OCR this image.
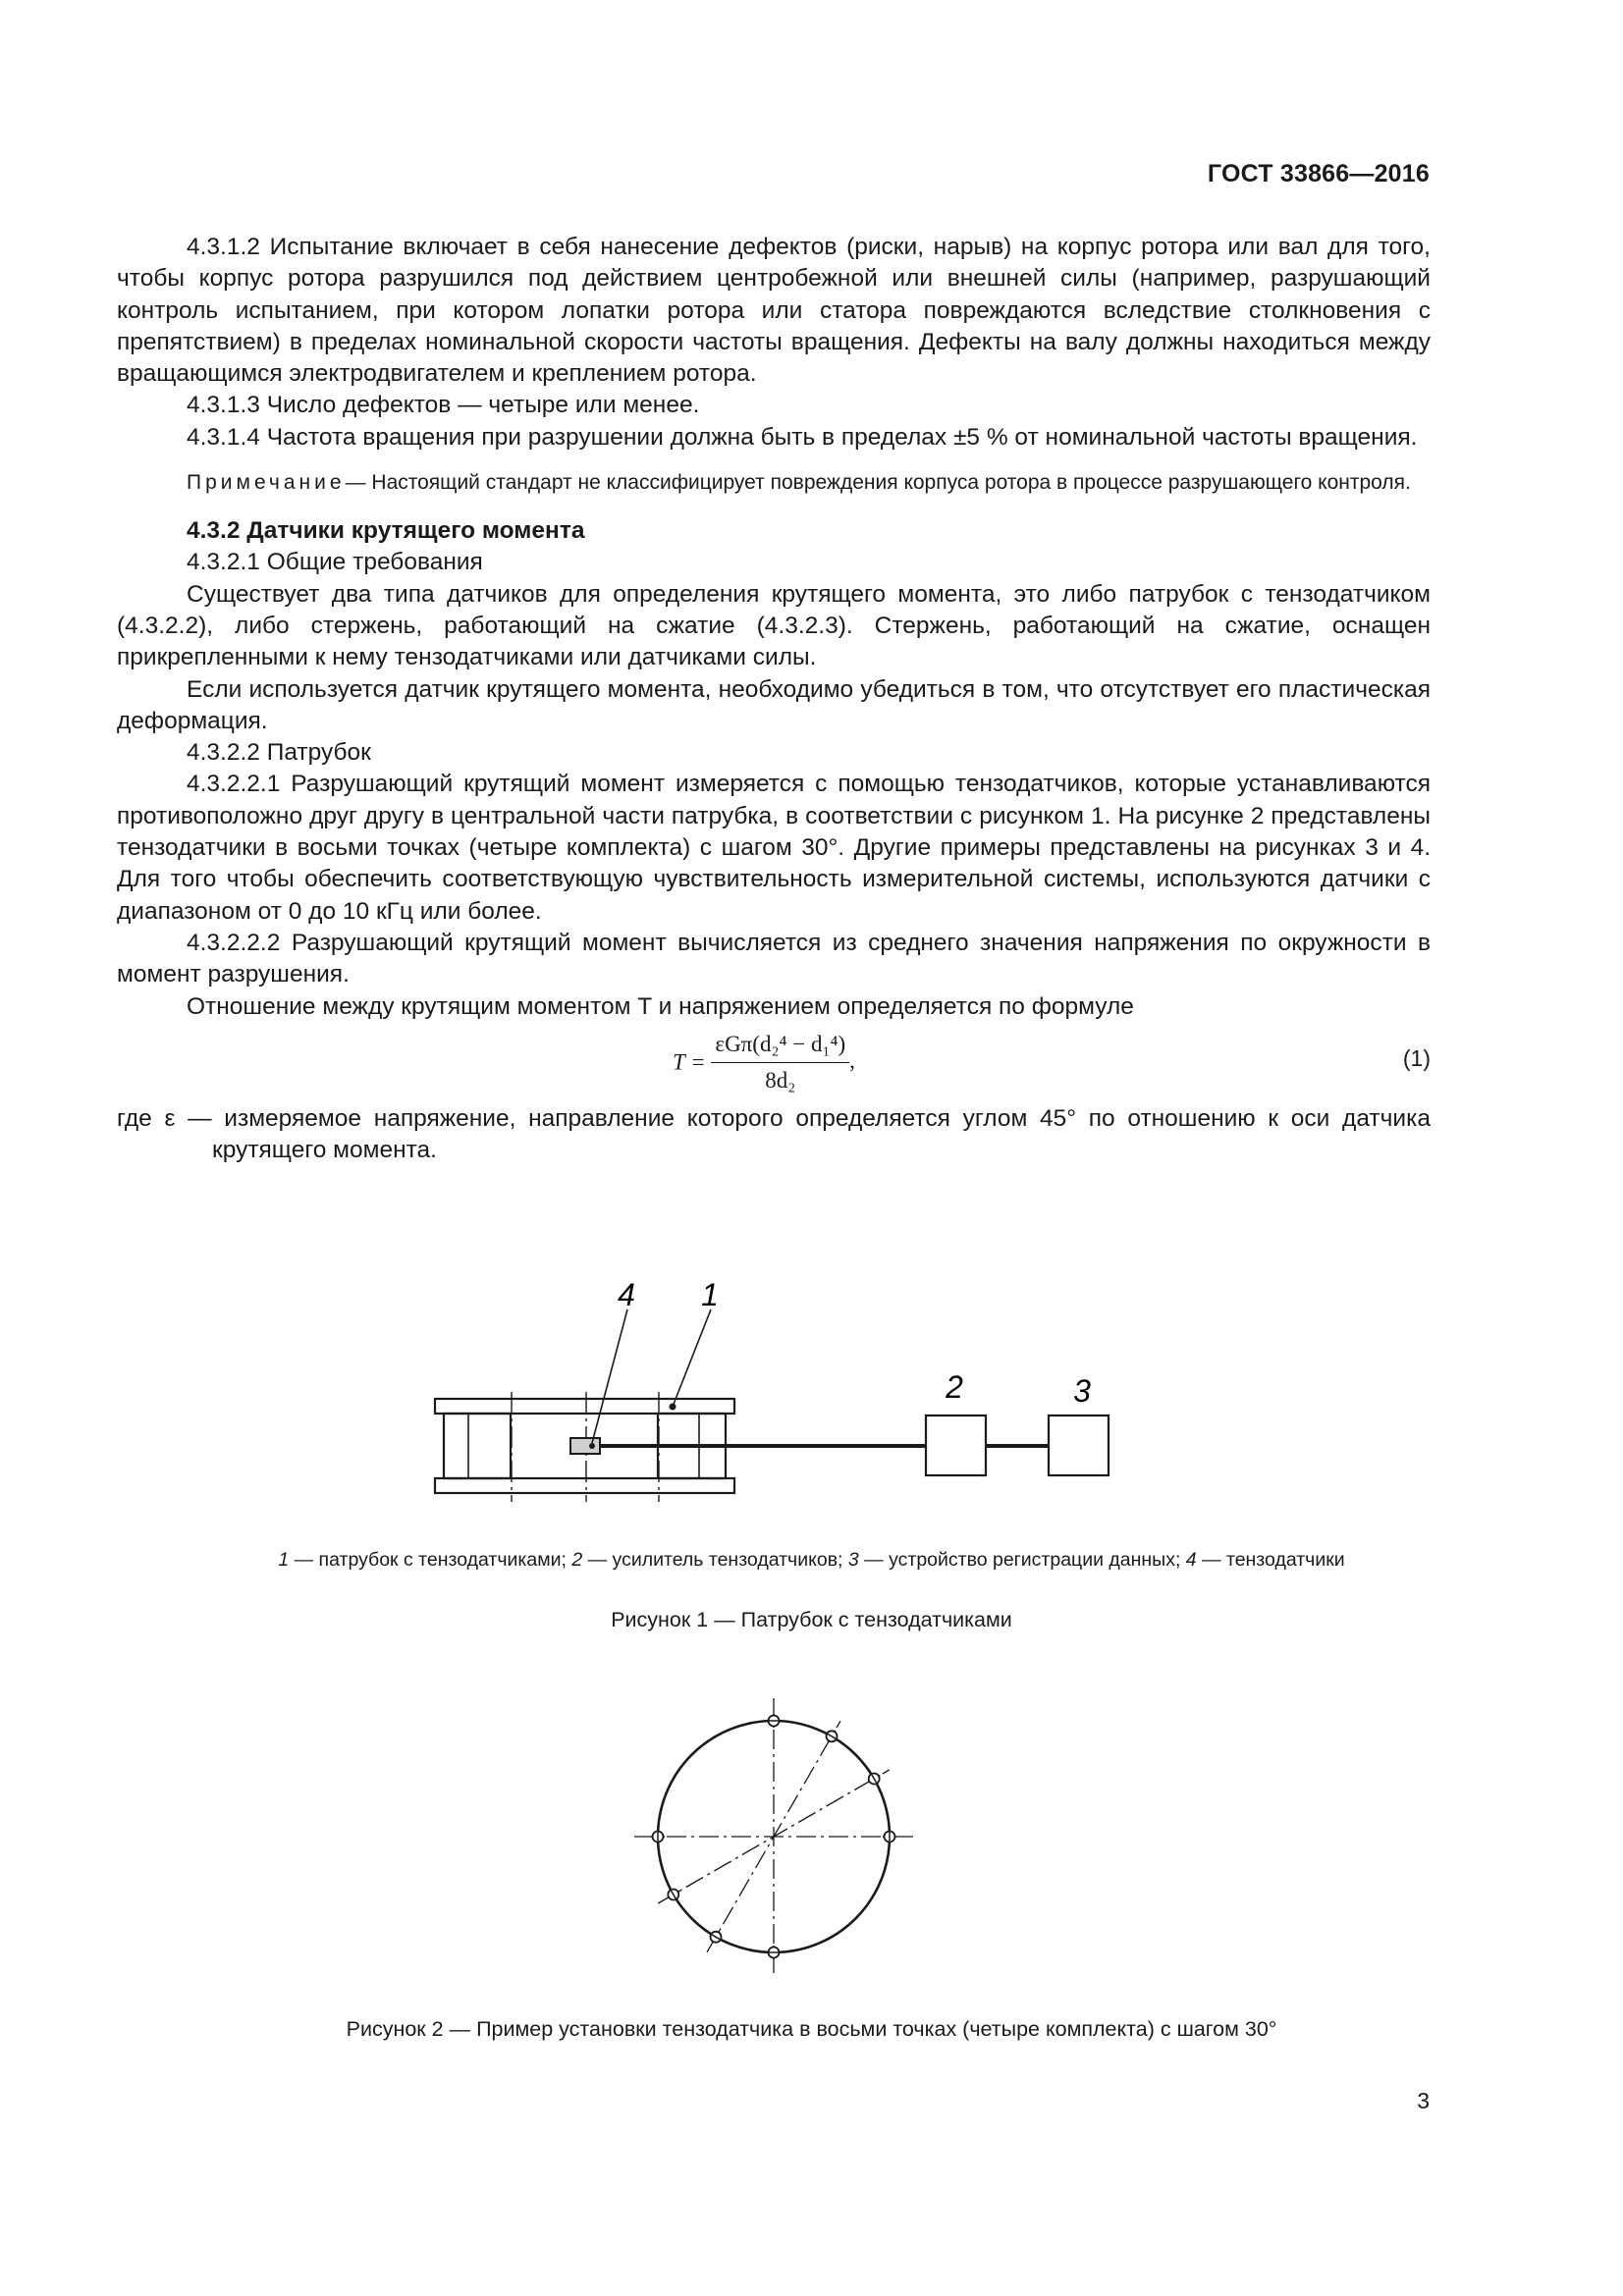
ГОСТ 33866—2016

4.3.1.2 Испытание включает в себя нанесение дефектов (риски, нарыв) на корпус ротора или вал для того, чтобы корпус ротора разрушился под действием центробежной или внешней силы (например, разрушающий контроль испытанием, при котором лопатки ротора или статора повреждаются вследствие столкновения с препятствием) в пределах номинальной скорости частоты вращения. Дефекты на валу должны находиться между вращающимся электродвигателем и креплением ротора.

4.3.1.3 Число дефектов — четыре или менее.

4.3.1.4 Частота вращения при разрушении должна быть в пределах ±5 % от номинальной частоты вращения.

Примечание— Настоящий стандарт не классифицирует повреждения корпуса ротора в процессе разрушающего контроля.

4.3.2 Датчики крутящего момента

4.3.2.1 Общие требования

Существует два типа датчиков для определения крутящего момента, это либо патрубок с тензодатчиком (4.3.2.2), либо стержень, работающий на сжатие (4.3.2.3). Стержень, работающий на сжатие, оснащен прикрепленными к нему тензодатчиками или датчиками силы.

Если используется датчик крутящего момента, необходимо убедиться в том, что отсутствует его пластическая деформация.

4.3.2.2 Патрубок

4.3.2.2.1 Разрушающий крутящий момент измеряется с помощью тензодатчиков, которые устанавливаются противоположно друг другу в центральной части патрубка, в соответствии с рисунком 1. На рисунке 2 представлены тензодатчики в восьми точках (четыре комплекта) с шагом 30°. Другие примеры представлены на рисунках 3 и 4. Для того чтобы обеспечить соответствующую чувствительность измерительной системы, используются датчики с диапазоном от 0 до 10 кГц или более.

4.3.2.2.2 Разрушающий крутящий момент вычисляется из среднего значения напряжения по окружности в момент разрушения.

Отношение между крутящим моментом T и напряжением определяется по формуле

$T = \frac{\text{εGπ(d₂⁴ − d₁⁴)}}{\text{8d₂}}$ ,	(1)

где ε — измеряемое напряжение, направление которого определяется углом 45° по отношению к оси датчика крутящего момента.

4 1
2	3
1 — патрубок с тензодатчиками; 2 — усилитель тензодатчиков; 3 — устройство регистрации данных; 4 — тензодатчики
Рисунок 1 — Патрубок с тензодатчиками
Рисунок 2 — Пример установки тензодатчика в восьми точках (четыре комплекта) с шагом 30°
3
